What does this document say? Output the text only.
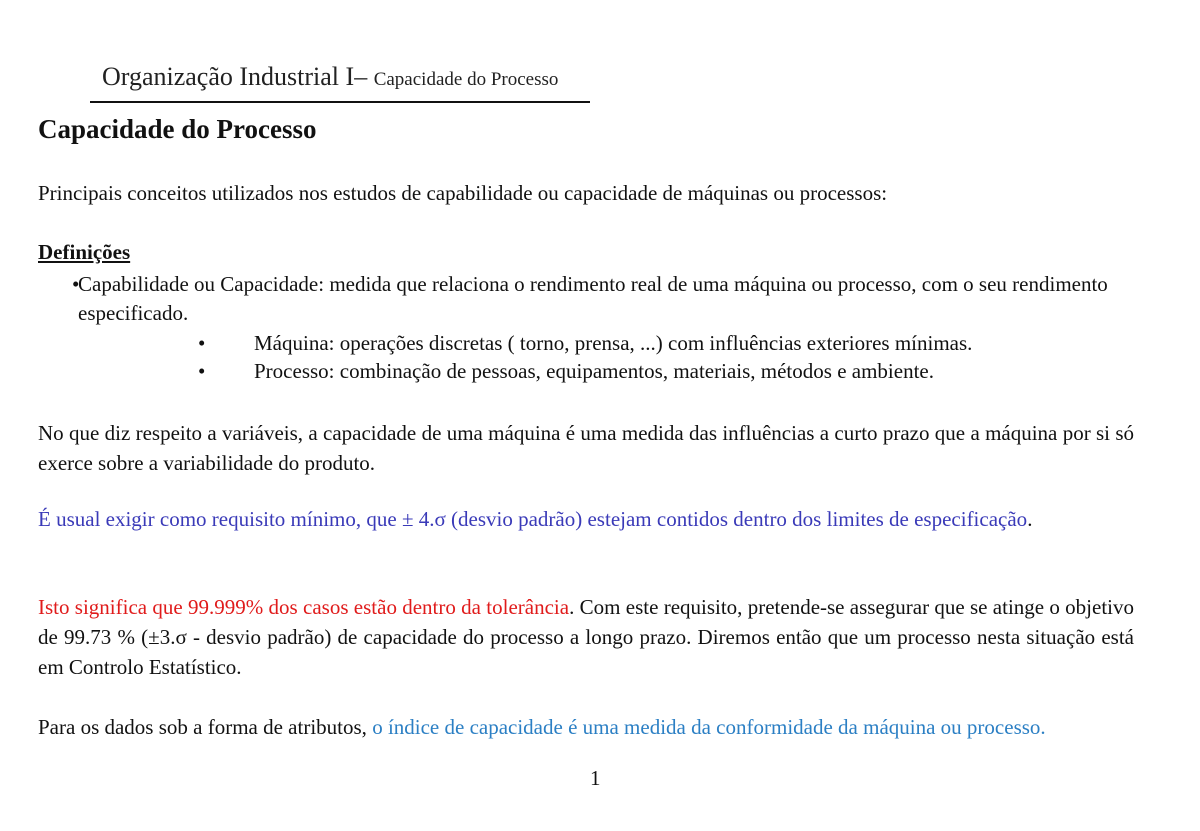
Organização Industrial I– Capacidade do Processo
Capacidade do Processo

Principais conceitos utilizados nos estudos de capabilidade ou capacidade de máquinas ou processos:

Definições

•
Capabilidade ou Capacidade: medida que relaciona o rendimento real de uma máquina ou processo, com o seu rendimento especificado.
• Máquina: operações discretas ( torno, prensa, ...) com influências exteriores mínimas.
• Processo: combinação de pessoas, equipamentos, materiais, métodos e ambiente.

No que diz respeito a variáveis, a capacidade de uma máquina é uma medida das influências a curto prazo que a máquina por si só exerce sobre a variabilidade do produto.

É usual exigir como requisito mínimo, que ± 4.σ (desvio padrão) estejam contidos dentro dos limites de especificação.

Isto significa que 99.999% dos casos estão dentro da tolerância. Com este requisito, pretende-se assegurar que se atinge o objetivo de 99.73 % (±3.σ - desvio padrão) de capacidade do processo a longo prazo. Diremos então que um processo nesta situação está em Controlo Estatístico.

Para os dados sob a forma de atributos, o índice de capacidade é uma medida da conformidade da máquina ou processo.

1
